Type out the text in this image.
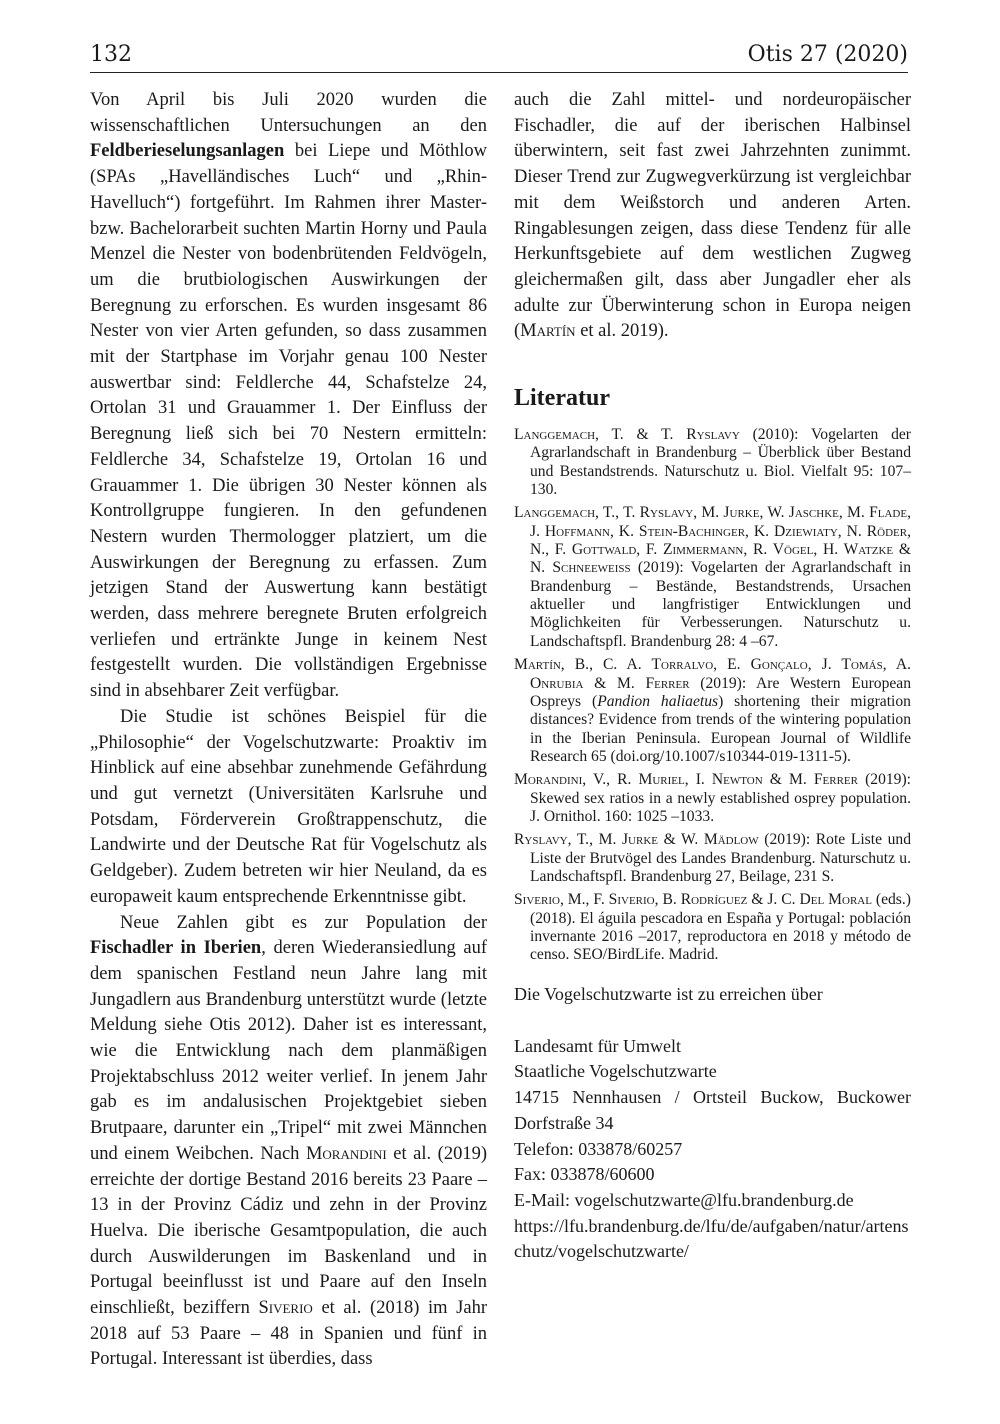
132	Otis 27 (2020)

Von April bis Juli 2020 wurden die wissenschaftlichen Untersuchungen an den Feldberieselungsanlagen bei Liepe und Möthlow (SPAs „Havelländisches Luch“ und „Rhin-Havelluch“) fortgeführt. Im Rahmen ihrer Master- bzw. Bachelorarbeit suchten Martin Horny und Paula Menzel die Nester von bodenbrütenden Feldvögeln, um die brutbiologischen Auswirkungen der Beregnung zu erforschen. Es wurden insgesamt 86 Nester von vier Arten gefunden, so dass zusammen mit der Startphase im Vorjahr genau 100 Nester auswertbar sind: Feldlerche 44, Schafstelze 24, Ortolan 31 und Grauammer 1. Der Einfluss der Beregnung ließ sich bei 70 Nestern ermitteln: Feldlerche 34, Schafstelze 19, Ortolan 16 und Grauammer 1. Die übrigen 30 Nester können als Kontrollgruppe fungieren. In den gefundenen Nestern wurden Thermologger platziert, um die Auswirkungen der Beregnung zu erfassen. Zum jetzigen Stand der Auswertung kann bestätigt werden, dass mehrere beregnete Bruten erfolgreich verliefen und ertränkte Junge in keinem Nest festgestellt wurden. Die vollständigen Ergebnisse sind in absehbarer Zeit verfügbar.

Die Studie ist schönes Beispiel für die „Philosophie“ der Vogelschutzwarte: Proaktiv im Hinblick auf eine absehbar zunehmende Gefährdung und gut vernetzt (Universitäten Karlsruhe und Potsdam, Förderverein Großtrappenschutz, die Landwirte und der Deutsche Rat für Vogelschutz als Geldgeber). Zudem betreten wir hier Neuland, da es europaweit kaum entsprechende Erkenntnisse gibt.

Neue Zahlen gibt es zur Population der Fischadler in Iberien, deren Wiederansiedlung auf dem spanischen Festland neun Jahre lang mit Jungadlern aus Brandenburg unterstützt wurde (letzte Meldung siehe Otis 2012). Daher ist es interessant, wie die Entwicklung nach dem planmäßigen Projektabschluss 2012 weiter verlief. In jenem Jahr gab es im andalusischen Projektgebiet sieben Brutpaare, darunter ein „Tripel“ mit zwei Männchen und einem Weibchen. Nach Morandini et al. (2019) erreichte der dortige Bestand 2016 bereits 23 Paare – 13 in der Provinz Cádiz und zehn in der Provinz Huelva. Die iberische Gesamtpopulation, die auch durch Auswilderungen im Baskenland und in Portugal beeinflusst ist und Paare auf den Inseln einschließt, beziffern Siverio et al. (2018) im Jahr 2018 auf 53 Paare – 48 in Spanien und fünf in Portugal. Interessant ist überdies, dass

auch die Zahl mittel- und nordeuropäischer Fischadler, die auf der iberischen Halbinsel überwintern, seit fast zwei Jahrzehnten zunimmt. Dieser Trend zur Zugwegverkürzung ist vergleichbar mit dem Weißstorch und anderen Arten. Ringablesungen zeigen, dass diese Tendenz für alle Herkunftsgebiete auf dem westlichen Zugweg gleichermaßen gilt, dass aber Jungadler eher als adulte zur Überwinterung schon in Europa neigen (Martín et al. 2019).

Literatur

Langgemach, T. & T. Ryslavy (2010): Vogelarten der Agrarlandschaft in Brandenburg – Überblick über Bestand und Bestandstrends. Naturschutz u. Biol. Vielfalt 95: 107–130.

Langgemach, T., T. Ryslavy, M. Jurke, W. Jaschke, M. Flade, J. Hoffmann, K. Stein-Bachinger, K. Dziewiaty, N. Röder, N., F. Gottwald, F. Zimmermann, R. Vögel, H. Watzke & N. Schneeweiss (2019): Vogelarten der Agrarlandschaft in Brandenburg – Bestände, Bestandstrends, Ursachen aktueller und langfristiger Entwicklungen und Möglichkeiten für Verbesserungen. Naturschutz u. Landschaftspfl. Brandenburg 28: 4 –67.

Martín, B., C. A. Torralvo, E. Gonçalo, J. Tomás, A. Onrubia & M. Ferrer (2019): Are Western European Ospreys (Pandion haliaetus) shortening their migration distances? Evidence from trends of the wintering population in the Iberian Peninsula. European Journal of Wildlife Research 65 (doi.org/10.1007/s10344-019-1311-5).

Morandini, V., R. Muriel, I. Newton & M. Ferrer (2019): Skewed sex ratios in a newly established osprey population. J. Ornithol. 160: 1025 –1033.

Ryslavy, T., M. Jurke & W. Mädlow (2019): Rote Liste und Liste der Brutvögel des Landes Brandenburg. Naturschutz u. Landschaftspfl. Brandenburg 27, Beilage, 231 S.

Siverio, M., F. Siverio, B. Rodríguez & J. C. Del Moral (eds.) (2018). El águila pescadora en España y Portugal: población invernante 2016 –2017, reproductora en 2018 y método de censo. SEO/BirdLife. Madrid.

Die Vogelschutzwarte ist zu erreichen über
Landesamt für Umwelt
Staatliche Vogelschutzwarte
14715 Nennhausen / Ortsteil Buckow, Buckower Dorfstraße 34
Telefon: 033878/60257
Fax: 033878/60600
E-Mail: vogelschutzwarte@lfu.brandenburg.de
https://lfu.brandenburg.de/lfu/de/aufgaben/natur/artenschutz/vogelschutzwarte/
